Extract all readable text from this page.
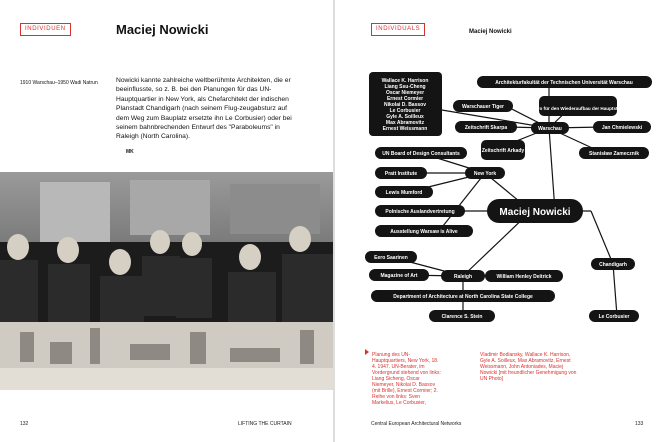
INDIVIDUEN	Maciej Nowicki
1910 Warschau–1950 Wadi Natrun	Nowicki kannte zahlreiche weltberühmte Architekten, die er beeinflusste, so z. B. bei den Planungen für das UN-Hauptquartier in New York, als Chefarchitekt der indischen Planstadt Chandigarh (nach seinem Flug-zeugabsturz auf dem Weg zum Bauplatz ersetzte ihn Le Corbusier) oder bei seinem bahnbrechenden Entwurf des "Paraboleums" in Raleigh (North Carolina).
MK
132	LIFTING THE CURTAIN
INDIVIDUALS	Maciej Nowicki
Wallace K. Harrison
Liang Ssu-Cheng
Oscar Niemeyer
Ernest Cormier
Nikolai D. Bassov
Le Corbusier
Gyle A. Soilleux
Max Abramovitz
Ernest Weissmann
Architekturfakultät der Technischen Universität Warschau
Warschauer Tiger	Büro für den Wiederaufbau der Hauptstadt
Zeitschrift Skarpa	Warschau	Jan Chmielewski
Zeitschrift Arkady
UN Board of Design Consultants	Stanisław Zamecznik
Pratt Institute	New York
Lewis Mumford
Polnische Auslandvertretung	Maciej Nowicki
Ausstellung Warsaw is Alive
Eero Saarinen
Chandigarh
Magazine of Art	Raleigh	William Henley Deitrick
Department of Architecture at North Carolina State College
Clarence S. Stein	Le Corbusier
Planung des UN-Hauptquartiers, New York, 18. 4. 1947. UN-Berater, im Vordergrund stehend von links: Liang Sicheng, Oscar Niemeyer, Nikolai D. Bassov (mit Brille), Ernest Cormier; 2. Reihe von links: Sven Markelius, Le Corbusier,
Vladimir Bodiansky, Wallace K. Harrison, Gyle A. Soilleux, Max Abramovitz, Ernest Weissmann, John Antoniades, Maciej Nowicki [mit freundlicher Genehmigung von UN Photo]
Central European Architectural Networks	133
